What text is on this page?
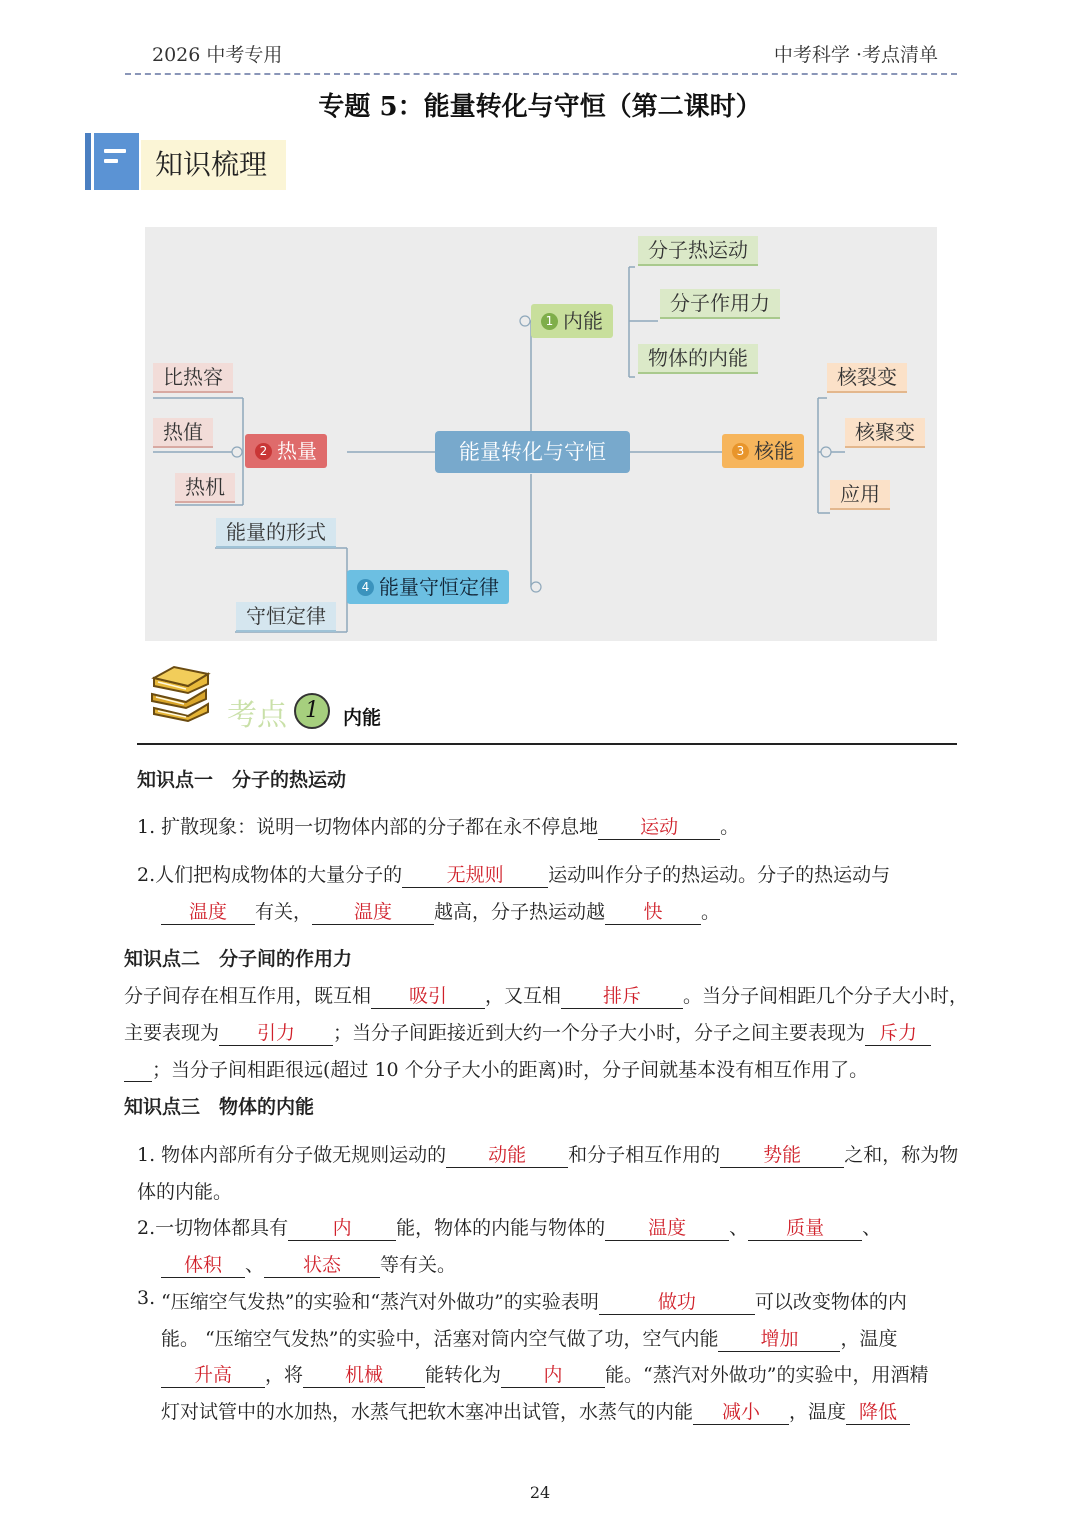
2026 中考专用	中考科学 ·考点清单
专题 5：能量转化与守恒（第二课时）
知识梳理
1 内能
分子热运动
分子作用力
物体的内能
2 热量
比热容
热值
热机
能量转化与守恒	3 核能
核裂变
核聚变
应用
4 能量守恒定律
能量的形式
守恒定律
考点 1	内能
知识点一　分子的热运动
1. 扩散现象：说明一切物体内部的分子都在永不停息地 运动 。
2.人们把构成物体的大量分子的 无规则 运动叫作分子的热运动。分子的热运动与
温度 有关， 温度 越高，分子热运动越 快 。
知识点二　分子间的作用力
分子间存在相互作用，既互相 吸引 ，又互相 排斥 。当分子间相距几个分子大小时，
主要表现为 引力 ；当分子间距接近到大约一个分子大小时，分子之间主要表现为 斥力
；当分子间相距很远(超过 10 个分子大小的距离)时，分子间就基本没有相互作用了。
知识点三　物体的内能
1. 物体内部所有分子做无规则运动的 动能 和分子相互作用的 势能 之和，称为物
体的内能。
2.一切物体都具有 内 能，物体的内能与物体的 温度 、 质量 、
体积 、 状态 等有关。
3. “压缩空气发热”的实验和“蒸汽对外做功”的实验表明	做功	可以改变物体的内
能。 “压缩空气发热”的实验中，活塞对筒内空气做了功，空气内能 增加 ，温度
升高 ，将 机械 能转化为 内 能。“蒸汽对外做功”的实验中，用酒精
灯对试管中的水加热，水蒸气把软木塞冲出试管，水蒸气的内能 减小 ，温度 降低
24
